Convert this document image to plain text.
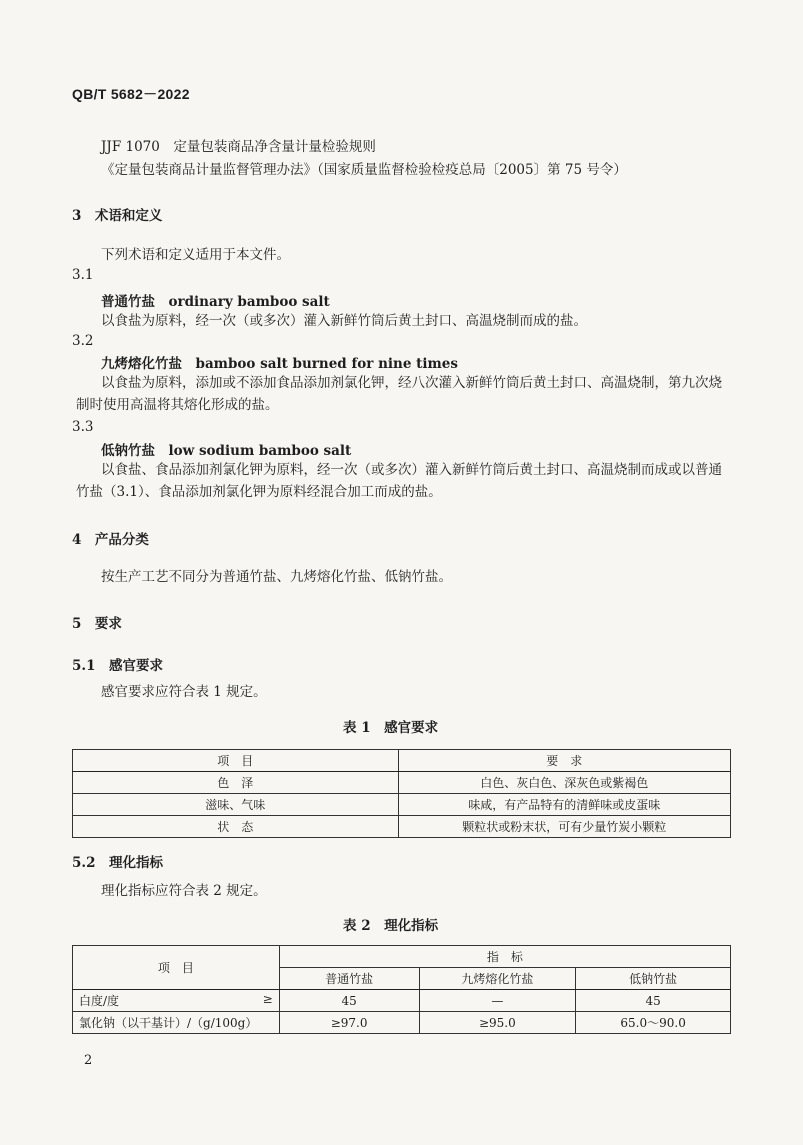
QB/T 5682－2022
JJF 1070　定量包装商品净含量计量检验规则
《定量包装商品计量监督管理办法》（国家质量监督检验检疫总局〔2005〕第 75 号令）
3　术语和定义
下列术语和定义适用于本文件。
3.1
普通竹盐　ordinary bamboo salt
以食盐为原料，经一次（或多次）灌入新鲜竹筒后黄土封口、高温烧制而成的盐。
3.2
九烤熔化竹盐　bamboo salt burned for nine times
以食盐为原料，添加或不添加食品添加剂氯化钾，经八次灌入新鲜竹筒后黄土封口、高温烧制，第九次烧制时使用高温将其熔化形成的盐。
3.3
低钠竹盐　low sodium bamboo salt
以食盐、食品添加剂氯化钾为原料，经一次（或多次）灌入新鲜竹筒后黄土封口、高温烧制而成或以普通竹盐（3.1）、食品添加剂氯化钾为原料经混合加工而成的盐。
4　产品分类
按生产工艺不同分为普通竹盐、九烤熔化竹盐、低钠竹盐。
5　要求
5.1　感官要求
感官要求应符合表 1 规定。
表 1　感官要求
项　目	要　求
色　泽	白色、灰白色、深灰色或紫褐色
滋味、气味	味咸，有产品特有的清鲜味或皮蛋味
状　态	颗粒状或粉末状，可有少量竹炭小颗粒
5.2　理化指标
理化指标应符合表 2 规定。
表 2　理化指标
项　目	指　标		
	普通竹盐	九烤熔化竹盐	低钠竹盐
白度/度 ≥	45	—	45
氯化钠（以干基计）/（g/100g）	≥97.0	≥95.0	65.0～90.0
2
